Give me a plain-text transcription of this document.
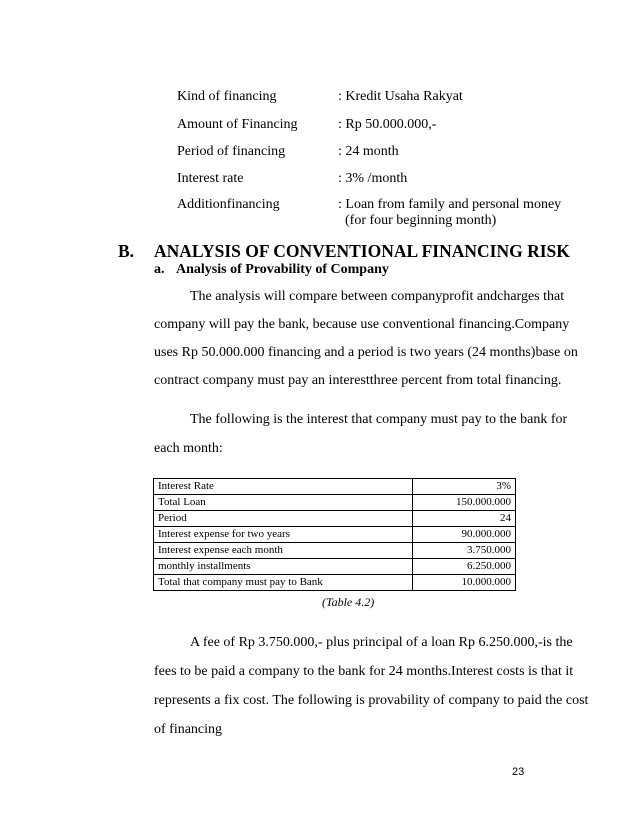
Kind of financing	: Kredit Usaha Rakyat
Amount of Financing	: Rp 50.000.000,-
Period of financing	: 24 month
Interest rate	: 3% /month
Additionfinancing	: Loan from family and personal money
(for four beginning month)
B. ANALYSIS OF CONVENTIONAL FINANCING RISK
a. Analysis of Provability of Company
The analysis will compare between companyprofit andcharges that
company will pay the bank, because use conventional financing.Company
uses Rp 50.000.000 financing and a period is two years (24 months)base on
contract company must pay an interestthree percent from total financing.
The following is the interest that company must pay to the bank for
each month:
Interest Rate	3%
Total Loan	150.000.000
Period	24
Interest expense for two years	90.000.000
Interest expense each month	3.750.000
monthly installments	6.250.000
Total that company must pay to Bank	10.000.000
(Table 4.2)
A fee of Rp 3.750.000,- plus principal of a loan Rp 6.250.000,-is the
fees to be paid a company to the bank for 24 months.Interest costs is that it
represents a fix cost. The following is provability of company to paid the cost
of financing
23
